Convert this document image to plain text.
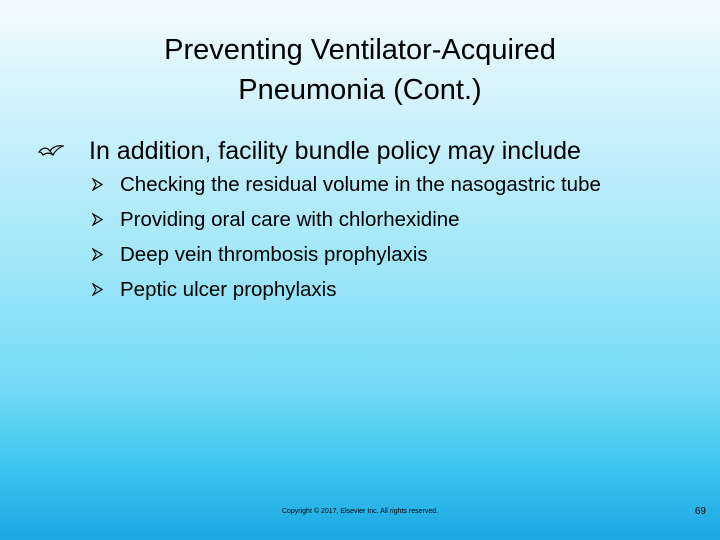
Preventing Ventilator-Acquired
Pneumonia (Cont.)
In addition, facility bundle policy may include
Checking the residual volume in the nasogastric tube
Providing oral care with chlorhexidine
Deep vein thrombosis prophylaxis
Peptic ulcer prophylaxis
Copyright © 2017, Elsevier Inc. All rights reserved.	69
